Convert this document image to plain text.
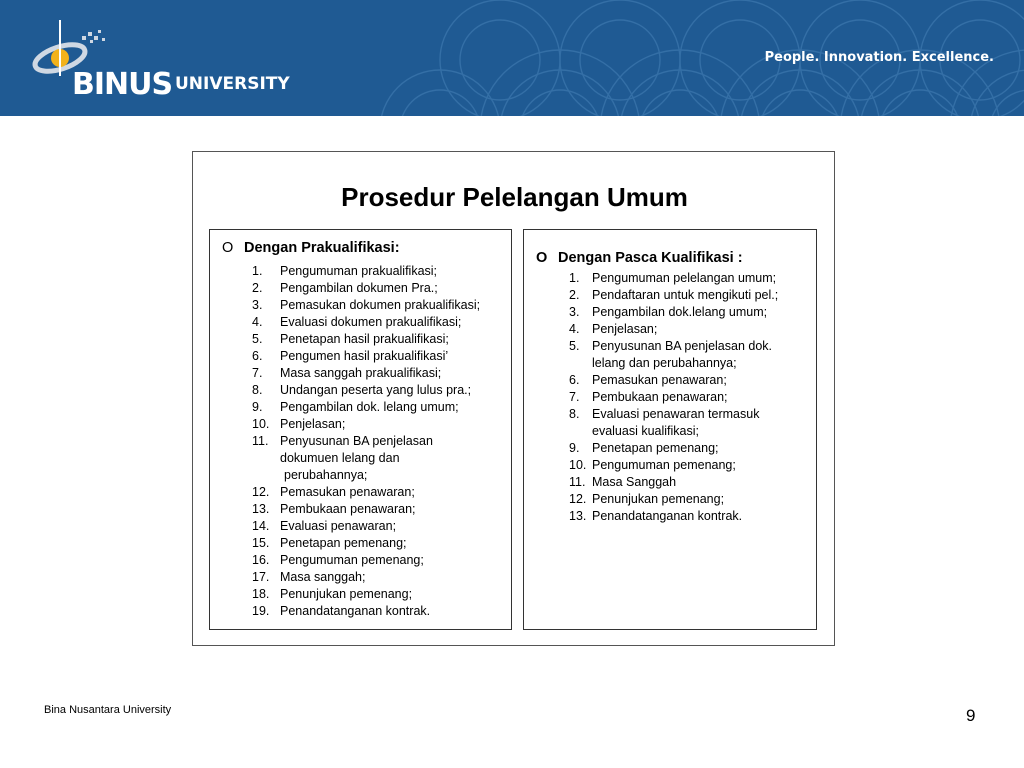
BINUS UNIVERSITY
People. Innovation. Excellence.
Prosedur Pelelangan Umum
O Dengan Prakualifikasi:
1. Pengumuman prakualifikasi;
2. Pengambilan dokumen Pra.;
3. Pemasukan dokumen prakualifikasi;
4. Evaluasi dokumen prakualifikasi;
5. Penetapan hasil prakualifikasi;
6. Pengumen hasil prakualifikasi’
7. Masa sanggah prakualifikasi;
8. Undangan peserta yang lulus pra.;
9. Pengambilan dok. lelang umum;
10. Penjelasan;
11. Penyusunan BA penjelasan
dokumuen lelang dan
perubahannya;
12. Pemasukan penawaran;
13. Pembukaan penawaran;
14. Evaluasi penawaran;
15. Penetapan pemenang;
16. Pengumuman pemenang;
17. Masa sanggah;
18. Penunjukan pemenang;
19. Penandatanganan kontrak.
O Dengan Pasca Kualifikasi :
1. Pengumuman pelelangan umum;
2. Pendaftaran untuk mengikuti pel.;
3. Pengambilan dok.lelang umum;
4. Penjelasan;
5. Penyusunan BA penjelasan dok.
lelang dan perubahannya;
6. Pemasukan penawaran;
7. Pembukaan penawaran;
8. Evaluasi penawaran termasuk
evaluasi kualifikasi;
9. Penetapan pemenang;
10. Pengumuman pemenang;
11. Masa Sanggah
12. Penunjukan pemenang;
13. Penandatanganan kontrak.
Bina Nusantara University	9
